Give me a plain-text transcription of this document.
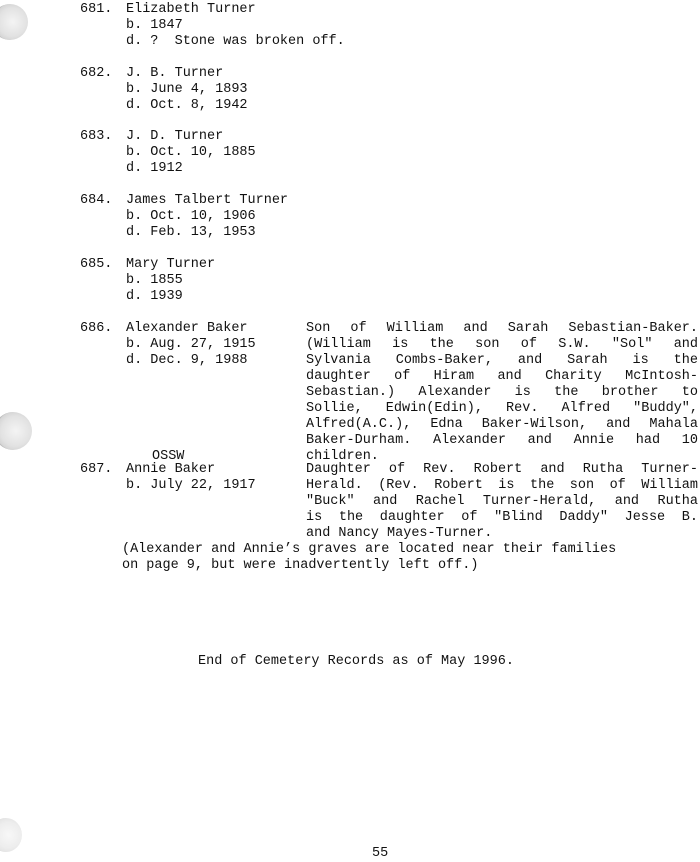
681. Elizabeth Turner
b. 1847
d. ?  Stone was broken off.
682. J. B. Turner
b. June 4, 1893
d. Oct. 8, 1942
683. J. D. Turner
b. Oct. 10, 1885
d. 1912
684. James Talbert Turner
b. Oct. 10, 1906
d. Feb. 13, 1953
685. Mary Turner
b. 1855
d. 1939
686. Alexander Baker
b. Aug. 27, 1915
d. Dec. 9, 1988
Son of William and Sarah Sebastian-Baker.
(William is the son of S.W. "Sol" and
Sylvania Combs-Baker, and Sarah is the
daughter of Hiram and Charity McIntosh-
Sebastian.) Alexander is the brother to
Sollie, Edwin(Edin), Rev. Alfred "Buddy",
Alfred(A.C.), Edna Baker-Wilson, and Mahala
Baker-Durham. Alexander and Annie had 10
children.
OSSW
687. Annie Baker
b. July 22, 1917
Daughter of Rev. Robert and Rutha Turner-
Herald. (Rev. Robert is the son of William
"Buck" and Rachel Turner-Herald, and Rutha
is the daughter of "Blind Daddy" Jesse B.
and Nancy Mayes-Turner.
(Alexander and Annie’s graves are located near their families
on page 9, but were inadvertently left off.)
End of Cemetery Records as of May 1996.
55
